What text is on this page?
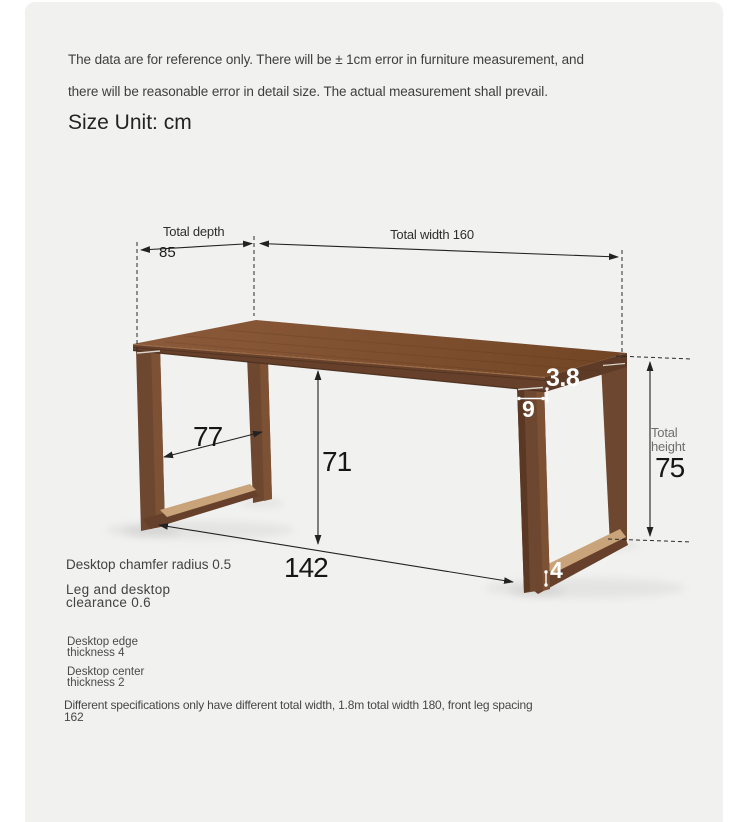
The data are for reference only. There will be ± 1cm error in furniture measurement, and
there will be reasonable error in detail size. The actual measurement shall prevail.
Size Unit: cm
Total depth
85
Total width 160
Total
height
75
77
71
142
3.8
9
4
Desktop chamfer radius 0.5
Leg and desktop
clearance 0.6
Desktop edge
thickness 4
Desktop center
thickness 2
Different specifications only have different total width, 1.8m total width 180, front leg spacing
162
